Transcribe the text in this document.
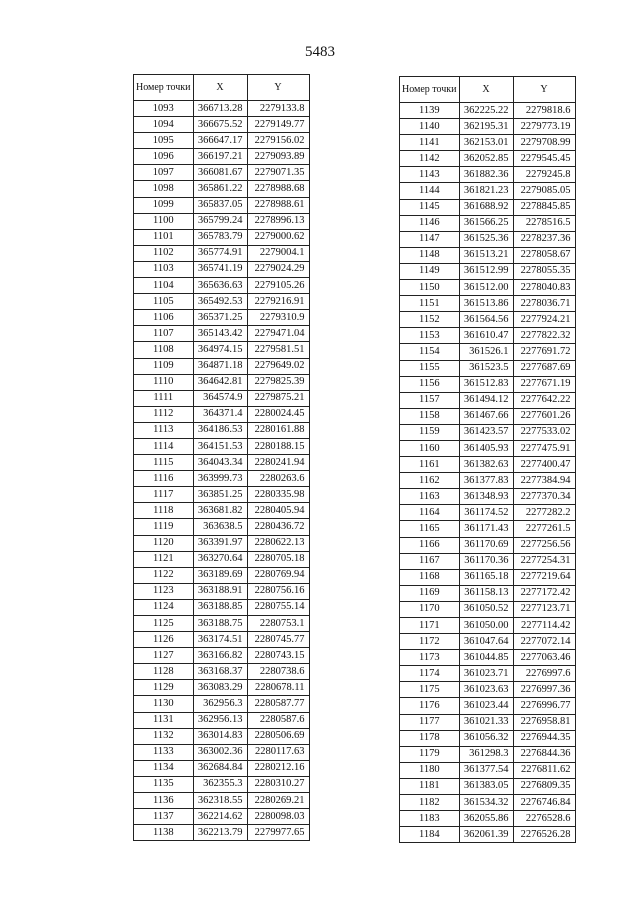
5483
Номер точки	X	Y
1093	366713.28	2279133.8
1094	366675.52	2279149.77
1095	366647.17	2279156.02
1096	366197.21	2279093.89
1097	366081.67	2279071.35
1098	365861.22	2278988.68
1099	365837.05	2278988.61
1100	365799.24	2278996.13
1101	365783.79	2279000.62
1102	365774.91	2279004.1
1103	365741.19	2279024.29
1104	365636.63	2279105.26
1105	365492.53	2279216.91
1106	365371.25	2279310.9
1107	365143.42	2279471.04
1108	364974.15	2279581.51
1109	364871.18	2279649.02
1110	364642.81	2279825.39
1111	364574.9	2279875.21
1112	364371.4	2280024.45
1113	364186.53	2280161.88
1114	364151.53	2280188.15
1115	364043.34	2280241.94
1116	363999.73	2280263.6
1117	363851.25	2280335.98
1118	363681.82	2280405.94
1119	363638.5	2280436.72
1120	363391.97	2280622.13
1121	363270.64	2280705.18
1122	363189.69	2280769.94
1123	363188.91	2280756.16
1124	363188.85	2280755.14
1125	363188.75	2280753.1
1126	363174.51	2280745.77
1127	363166.82	2280743.15
1128	363168.37	2280738.6
1129	363083.29	2280678.11
1130	362956.3	2280587.77
1131	362956.13	2280587.6
1132	363014.83	2280506.69
1133	363002.36	2280117.63
1134	362684.84	2280212.16
1135	362355.3	2280310.27
1136	362318.55	2280269.21
1137	362214.62	2280098.03
1138	362213.79	2279977.65
Номер точки	X	Y
1139	362225.22	2279818.6
1140	362195.31	2279773.19
1141	362153.01	2279708.99
1142	362052.85	2279545.45
1143	361882.36	2279245.8
1144	361821.23	2279085.05
1145	361688.92	2278845.85
1146	361566.25	2278516.5
1147	361525.36	2278237.36
1148	361513.21	2278058.67
1149	361512.99	2278055.35
1150	361512.00	2278040.83
1151	361513.86	2278036.71
1152	361564.56	2277924.21
1153	361610.47	2277822.32
1154	361526.1	2277691.72
1155	361523.5	2277687.69
1156	361512.83	2277671.19
1157	361494.12	2277642.22
1158	361467.66	2277601.26
1159	361423.57	2277533.02
1160	361405.93	2277475.91
1161	361382.63	2277400.47
1162	361377.83	2277384.94
1163	361348.93	2277370.34
1164	361174.52	2277282.2
1165	361171.43	2277261.5
1166	361170.69	2277256.56
1167	361170.36	2277254.31
1168	361165.18	2277219.64
1169	361158.13	2277172.42
1170	361050.52	2277123.71
1171	361050.00	2277114.42
1172	361047.64	2277072.14
1173	361044.85	2277063.46
1174	361023.71	2276997.6
1175	361023.63	2276997.36
1176	361023.44	2276996.77
1177	361021.33	2276958.81
1178	361056.32	2276944.35
1179	361298.3	2276844.36
1180	361377.54	2276811.62
1181	361383.05	2276809.35
1182	361534.32	2276746.84
1183	362055.86	2276528.6
1184	362061.39	2276526.28
